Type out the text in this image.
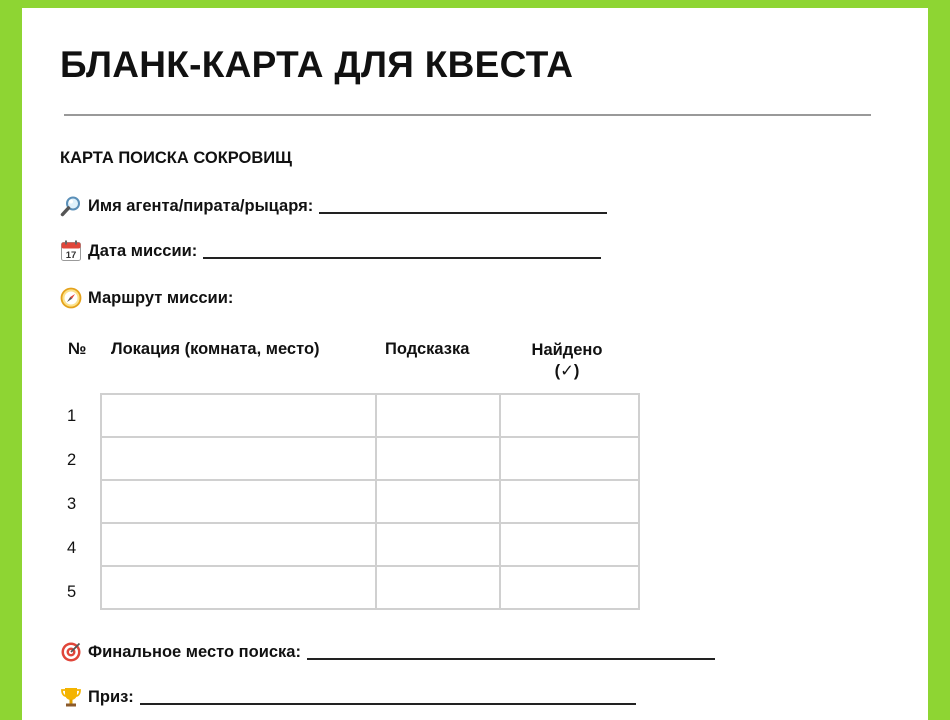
БЛАНК-КАРТА ДЛЯ КВЕСТА
КАРТА ПОИСКА СОКРОВИЩ
Имя агента/пирата/рыцаря:
17 Дата миссии:
Маршрут миссии:
№ Локация (комната, место)	Подсказка	Найдено (✓)
1
2
3
4
5

Финальное место поиска:
Приз:
